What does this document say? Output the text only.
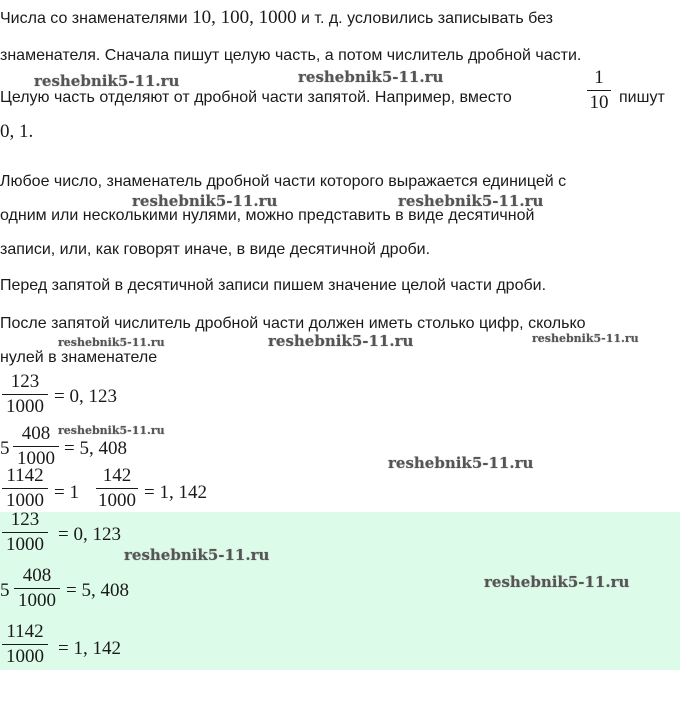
Числа со знаменателями 10, 100, 1000 и т. д. условились записывать без
знаменателя. Сначала пишут целую часть, а потом числитель дробной части.
Целую часть отделяют от дробной части запятой. Например, вместо
1
10 пишут
0, 1.
Любое число, знаменатель дробной части которого выражается единицей с
одним или несколькими нулями, можно представить в виде десятичной
записи, или, как говорят иначе, в виде десятичной дроби.
Перед запятой в десятичной записи пишем значение целой части дроби.
После запятой числитель дробной части должен иметь столько цифр, сколько
нулей в знаменателе
123
1000 = 0, 123
5
408
1000 = 5, 408
1142
1000 = 1
142
1000 = 1, 142
123
1000 = 0, 123
5
408
1000 = 5, 408
1142
1000 = 1, 142
reshebnik5-11.ru	reshebnik5-11.ru
reshebnik5-11.ru	reshebnik5-11.ru
reshebnik5-11.ru	reshebnik5-11.ru	reshebnik5-11.ru
reshebnik5-11.ru
reshebnik5-11.ru
reshebnik5-11.ru
reshebnik5-11.ru
